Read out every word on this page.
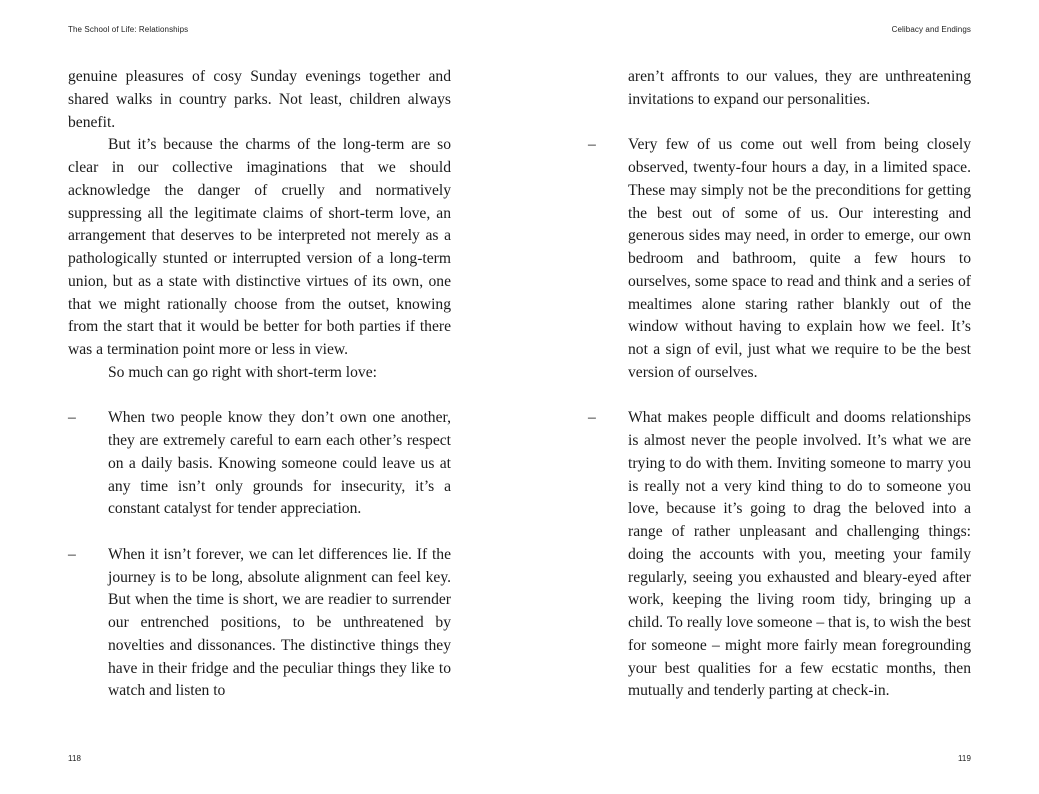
The School of Life: Relationships

genuine pleasures of cosy Sunday evenings together and shared walks in country parks. Not least, children always benefit.

But it’s because the charms of the long-term are so clear in our collective imaginations that we should acknowledge the danger of cruelly and normatively suppressing all the legitimate claims of short-term love, an arrangement that deserves to be interpreted not merely as a pathologically stunted or interrupted version of a long-term union, but as a state with distinctive virtues of its own, one that we might rationally choose from the outset, knowing from the start that it would be better for both parties if there was a termination point more or less in view.

So much can go right with short-term love:

– When two people know they don’t own one another, they are extremely careful to earn each other’s respect on a daily basis. Knowing someone could leave us at any time isn’t only grounds for insecurity, it’s a constant catalyst for tender appreciation.
– When it isn’t forever, we can let differences lie. If the journey is to be long, absolute alignment can feel key. But when the time is short, we are readier to surrender our entrenched positions, to be unthreatened by novelties and dissonances. The distinctive things they have in their fridge and the peculiar things they like to watch and listen to
118
Celibacy and Endings

aren’t affronts to our values, they are unthreatening invitations to expand our personalities.

– Very few of us come out well from being closely observed, twenty-four hours a day, in a limited space. These may simply not be the preconditions for getting the best out of some of us. Our interesting and generous sides may need, in order to emerge, our own bedroom and bathroom, quite a few hours to ourselves, some space to read and think and a series of mealtimes alone staring rather blankly out of the window without having to explain how we feel. It’s not a sign of evil, just what we require to be the best version of ourselves.
– What makes people difficult and dooms relationships is almost never the people involved. It’s what we are trying to do with them. Inviting someone to marry you is really not a very kind thing to do to someone you love, because it’s going to drag the beloved into a range of rather unpleasant and challenging things: doing the accounts with you, meeting your family regularly, seeing you exhausted and bleary-eyed after work, keeping the living room tidy, bringing up a child. To really love someone – that is, to wish the best for someone – might more fairly mean foregrounding your best qualities for a few ecstatic months, then mutually and tenderly parting at check-in.
119
